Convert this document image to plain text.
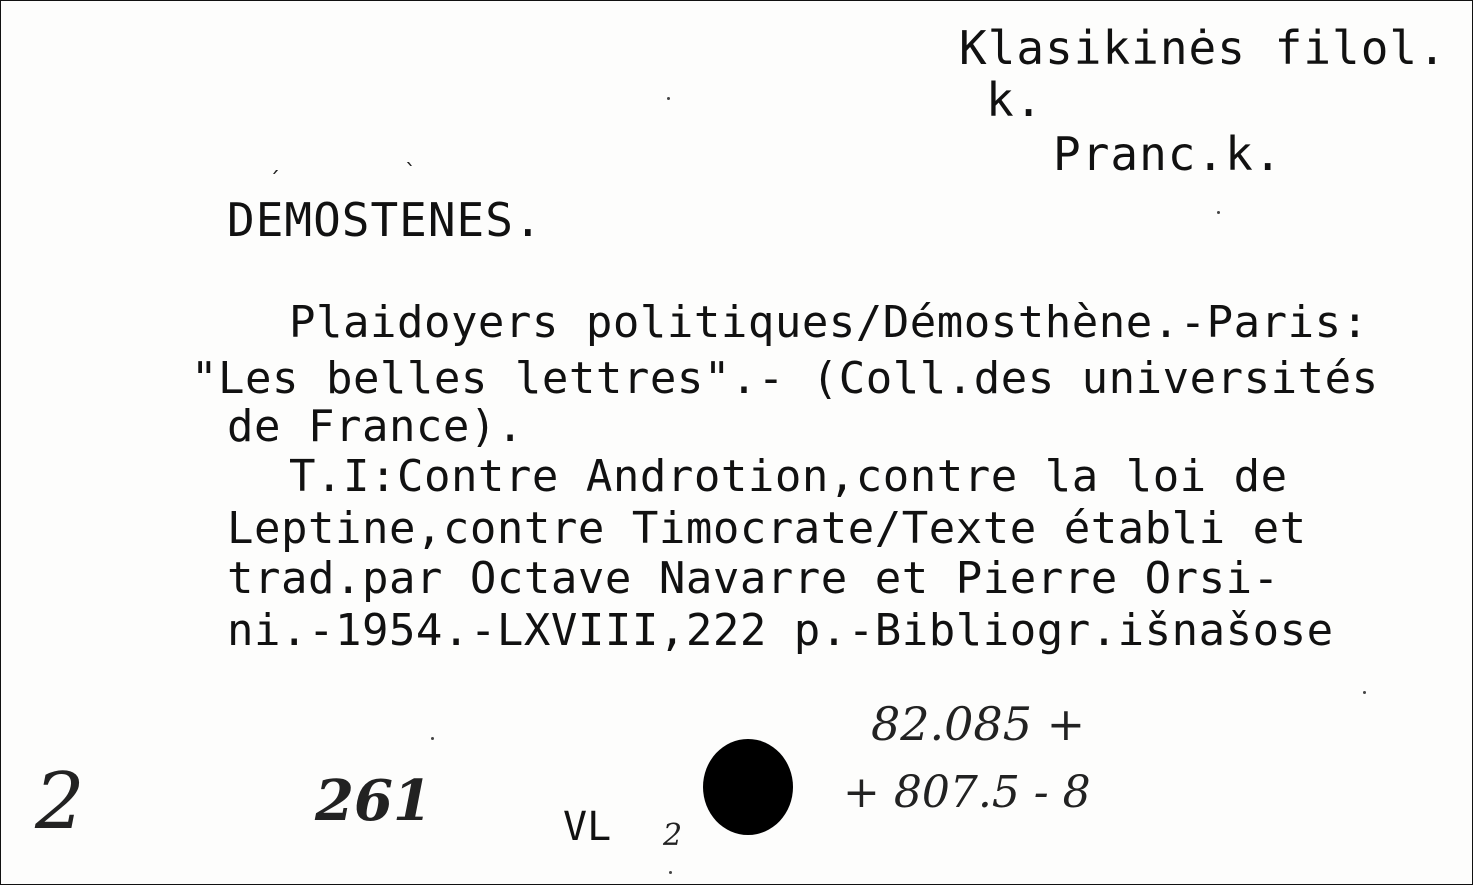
Klasikinės filol.
k.
Pranc.k.
ˊ	ˋ
DEMOSTENES.
Plaidoyers politiques/Démosthène.-Paris:
"Les belles lettres".- (Coll.des universités
de France).
T.I:Contre Androtion,contre la loi de
Leptine,contre Timocrate/Texte établi et
trad.par Octave Navarre et Pierre Orsi-
ni.-1954.-LXVIII,222 p.-Bibliogr.išnašose
82.085 +
+ 807.5 - 8
2	261
2
VL
